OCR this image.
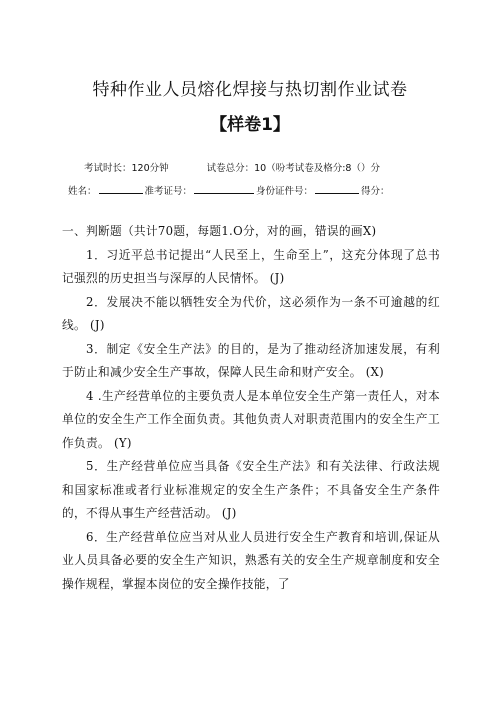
特种作业人员熔化焊接与热切割作业试卷
【样卷1】
考试时长：120分钟	试卷总分：10（吩考试卷及格分:8（）分
姓名：	准考证号：	身份证件号：	得分：

一、判断题（共计70题，每题1.O分，对的画，错误的画X)

1．习近平总书记提出“人民至上，生命至上”，这充分体现了总书记强烈的历史担当与深厚的人民情怀。 (J)

2．发展决不能以牺牲安全为代价，这必须作为一条不可逾越的红线。 (J)

3．制定《安全生产法》的目的，是为了推动经济加速发展，有利于防止和减少安全生产事故，保障人民生命和财产安全。 (X)

4 .生产经营单位的主要负责人是本单位安全生产第一责任人，对本单位的安全生产工作全面负责。其他负责人对职责范围内的安全生产工作负责。 (Y)

5．生产经营单位应当具备《安全生产法》和有关法律、行政法规和国家标准或者行业标准规定的安全生产条件；不具备安全生产条件的，不得从事生产经营活动。 (J)

6．生产经营单位应当对从业人员进行安全生产教育和培训,保证从业人员具备必要的安全生产知识，熟悉有关的安全生产规章制度和安全操作规程，掌握本岗位的安全操作技能，了
